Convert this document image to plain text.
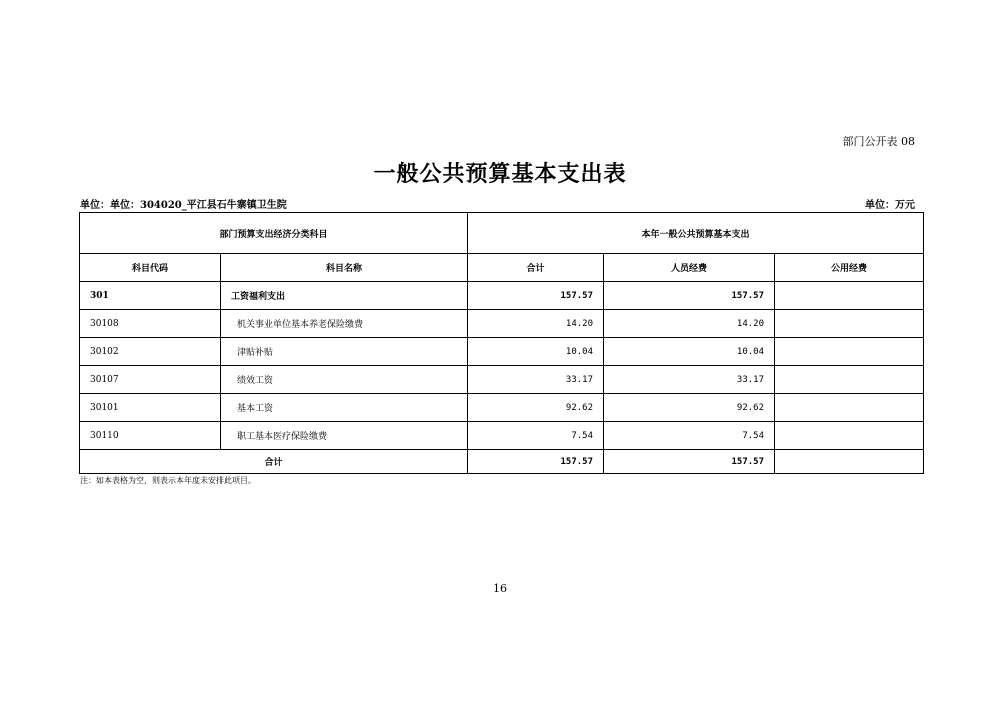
部门公开表 08
一般公共预算基本支出表
单位：单位：304020_平江县石牛寨镇卫生院	单位：万元
部门预算支出经济分类科目		本年一般公共预算基本支出		
科目代码	科目名称	合计	人员经费	公用经费
301	工资福利支出	157.57	157.57	
30108	机关事业单位基本养老保险缴费	14.20	14.20	
30102	津贴补贴	10.04	10.04	
30107	绩效工资	33.17	33.17	
30101	基本工资	92.62	92.62	
30110	职工基本医疗保险缴费	7.54	7.54	
合计		157.57	157.57	
注：如本表格为空，则表示本年度未安排此项目。
16
